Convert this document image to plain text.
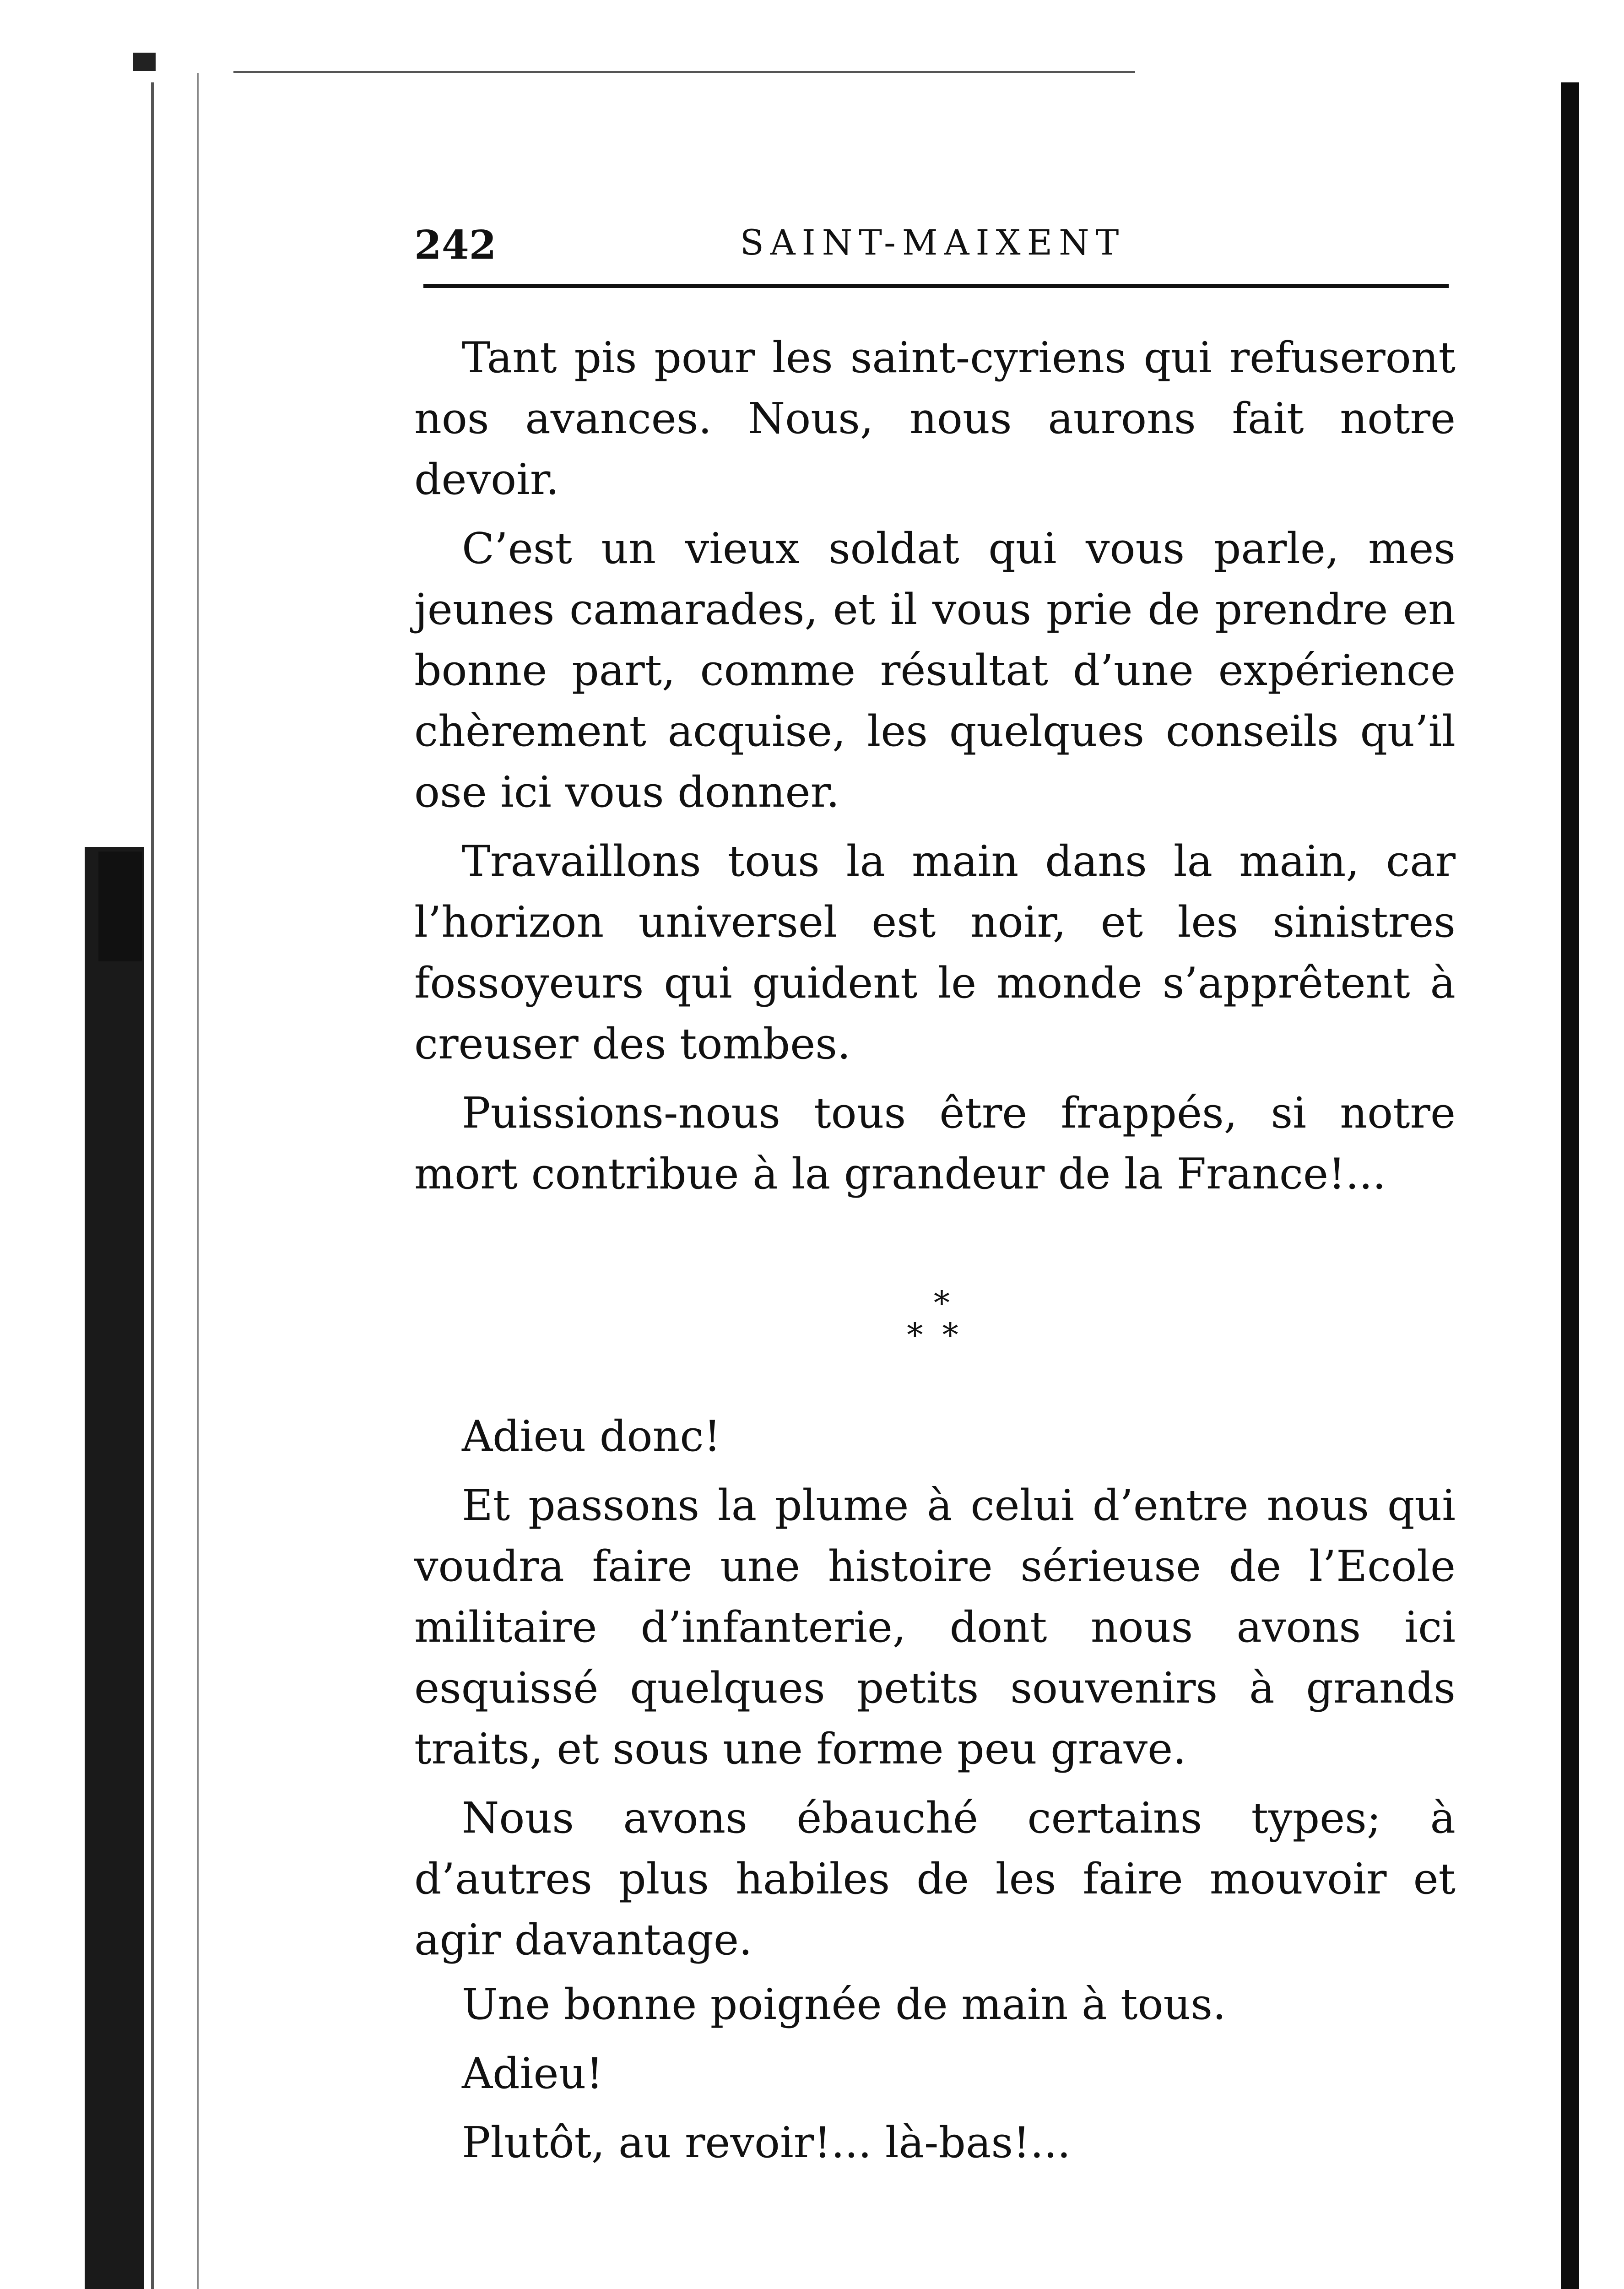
242	SAINT-MAIXENT

Tant pis pour les saint-cyriens qui refuseront nos avances. Nous, nous aurons fait notre devoir.

C’est un vieux soldat qui vous parle, mes jeunes camarades, et il vous prie de prendre en bonne part, comme résultat d’une expérience chèrement acquise, les quelques conseils qu’il ose ici vous donner.

Travaillons tous la main dans la main, car l’horizon universel est noir, et les sinistres fossoyeurs qui guident le monde s’apprêtent à creuser des tombes.

Puissions-nous tous être frappés, si notre mort contribue à la grandeur de la France!...

*
* *

Adieu donc!

Et passons la plume à celui d’entre nous qui voudra faire une histoire sérieuse de l’Ecole militaire d’infanterie, dont nous avons ici esquissé quelques petits souvenirs à grands traits, et sous une forme peu grave.

Nous avons ébauché certains types; à d’autres plus habiles de les faire mouvoir et agir davantage.

Une bonne poignée de main à tous.

Adieu!

Plutôt, au revoir!... là-bas!...
